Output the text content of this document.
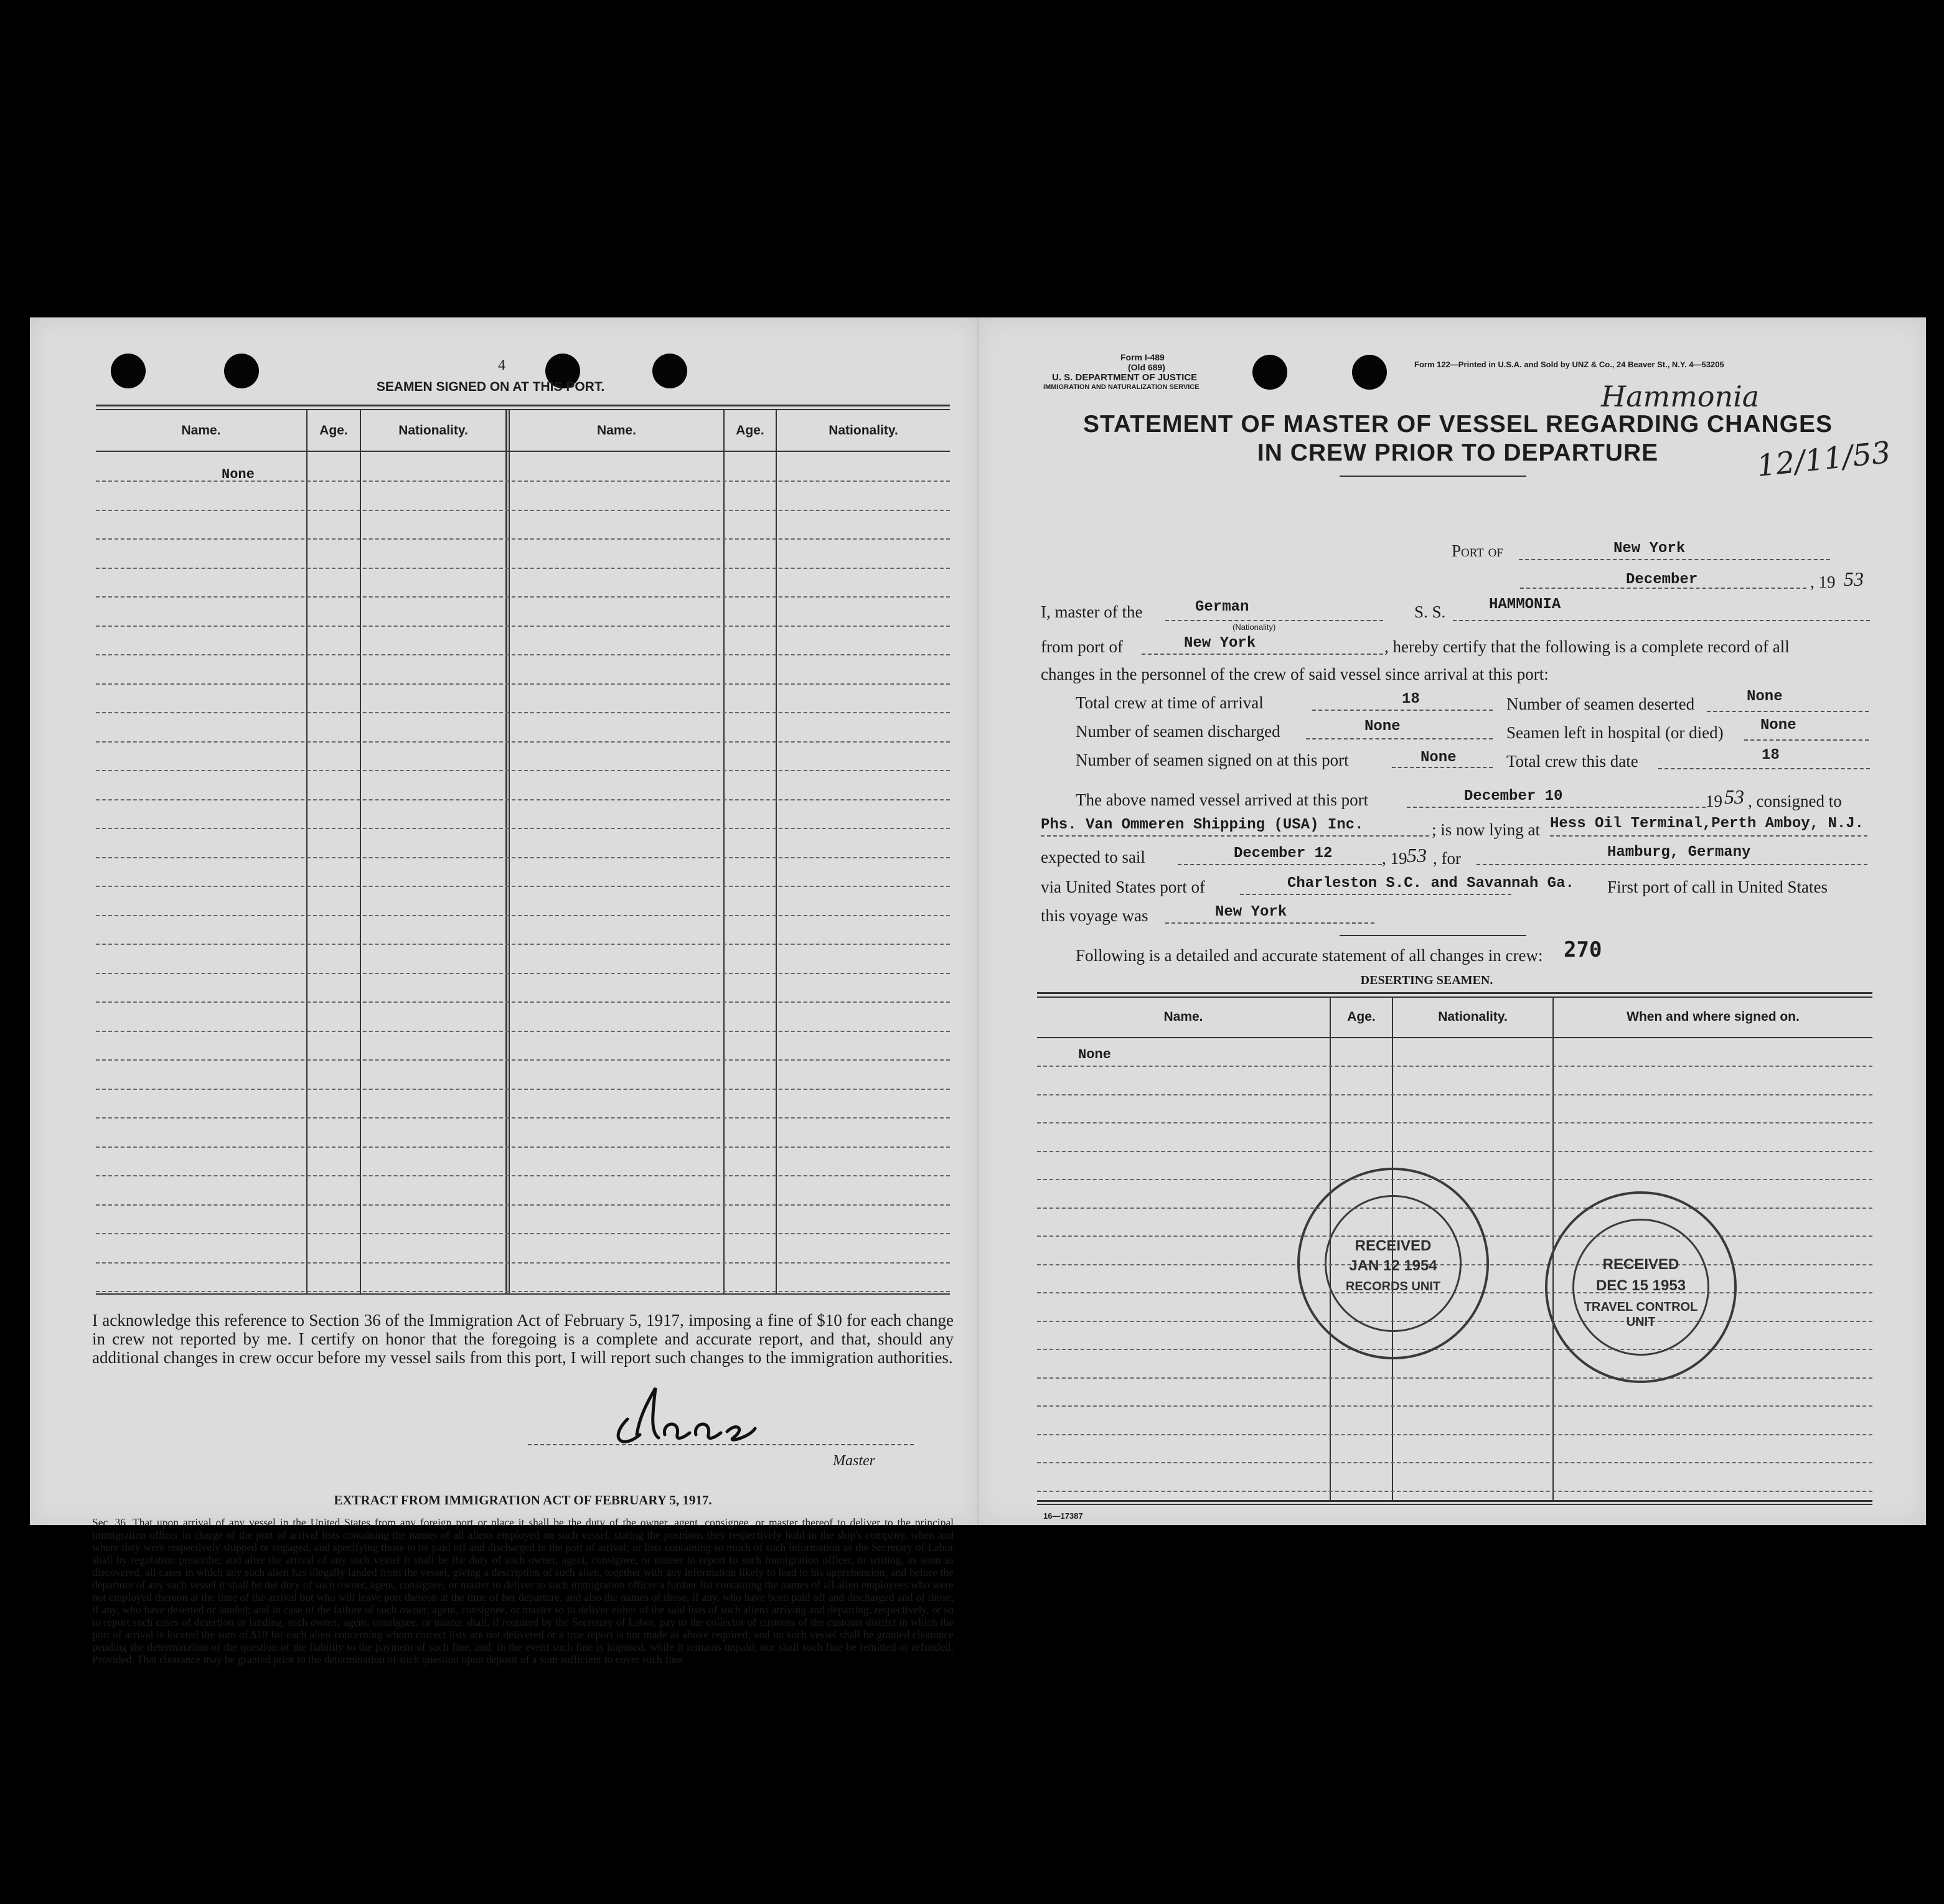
4
SEAMEN SIGNED ON AT THIS PORT.
Name.	Age.	Nationality.	Name.	Age.	Nationality.
None
I acknowledge this reference to Section 36 of the Immigration Act of February 5, 1917, imposing a fine of $10 for each change in crew not reported by me. I certify on honor that the foregoing is a complete and accurate report, and that, should any additional changes in crew occur before my vessel sails from this port, I will report such changes to the immigration authorities.
Master
EXTRACT FROM IMMIGRATION ACT OF FEBRUARY 5, 1917.
Sec. 36. That upon arrival of any vessel in the United States from any foreign port or place it shall be the duty of the owner, agent, consignee, or master thereof to deliver to the principal immigration officer in charge of the port of arrival lists containing the names of all aliens employed on such vessel, stating the positions they respectively hold in the ship's company, when and where they were respectively shipped or engaged, and specifying those to be paid off and discharged in the port of arrival; or lists containing so much of such information as the Secretary of Labor shall by regulation prescribe; and after the arrival of any such vessel it shall be the duty of such owner, agent, consignee, or master to report to such immigration officer, in writing, as soon as discovered, all cases in which any such alien has illegally landed from the vessel, giving a description of such alien, together with any information likely to lead to his apprehension; and before the departure of any such vessel it shall be the duty of such owner, agent, consignee, or master to deliver to such immigration officer a further list containing the names of all alien employees who were not employed thereon at the time of the arrival but who will leave port thereon at the time of her departure, and also the names of those, if any, who have been paid off and discharged and of those, if any, who have deserted or landed; and in case of the failure of such owner, agent, consignee, or master so to deliver either of the said lists of such aliens arriving and departing, respectively, or so to report such cases of desertion or landing, such owner, agent, consignee, or master shall, if required by the Secretary of Labor, pay to the collector of customs of the customs district in which the port of arrival is located the sum of $10 for each alien concerning whom correct lists are not delivered or a true report is not made as above required; and no such vessel shall be granted clearance pending the determination of the question of the liability to the payment of such fine, and, in the event such fine is imposed, while it remains unpaid; nor shall such fine be remitted or refunded; Provided, That clearance may be granted prior to the determination of such question upon deposit of a sum sufficient to cover such fine.
Form I-489
(Old 689)
U. S. DEPARTMENT OF JUSTICE
IMMIGRATION AND NATURALIZATION SERVICE
Form 122—Printed in U.S.A. and Sold by UNZ & Co., 24 Beaver St., N.Y. 4—53205
Hammonia
12/11/53
STATEMENT OF MASTER OF VESSEL REGARDING CHANGES
IN CREW PRIOR TO DEPARTURE
Port of	New York
December	, 19 53
I, master of the	German
(Nationality)
S. S.	HAMMONIA
from port of	New York	, hereby certify that the following is a complete record of all
changes in the personnel of the crew of said vessel since arrival at this port:
Total crew at time of arrival	18	Number of seamen deserted	None
Number of seamen discharged	None	Seamen left in hospital (or died) None
Number of seamen signed on at this port	None	Total crew this date	18
The above named vessel arrived at this port	December 10	19 53 , consigned to
Phs. Van Ommeren Shipping (USA) Inc.	; is now lying at Hess Oil Terminal,Perth Amboy, N.J.
expected to sail	December 12	, 19 53 , for	Hamburg, Germany
via United States port of	Charleston S.C. and Savannah Ga. First port of call in United States
this voyage was	New York
Following is a detailed and accurate statement of all changes in crew: 270
DESERTING SEAMEN.
Name.	Age.	Nationality.	When and where signed on.
None
16—17387
RECEIVED
JAN 12 1954
RECORDS UNIT
RECEIVED
DEC 15 1953
TRAVEL CONTROL UNIT
